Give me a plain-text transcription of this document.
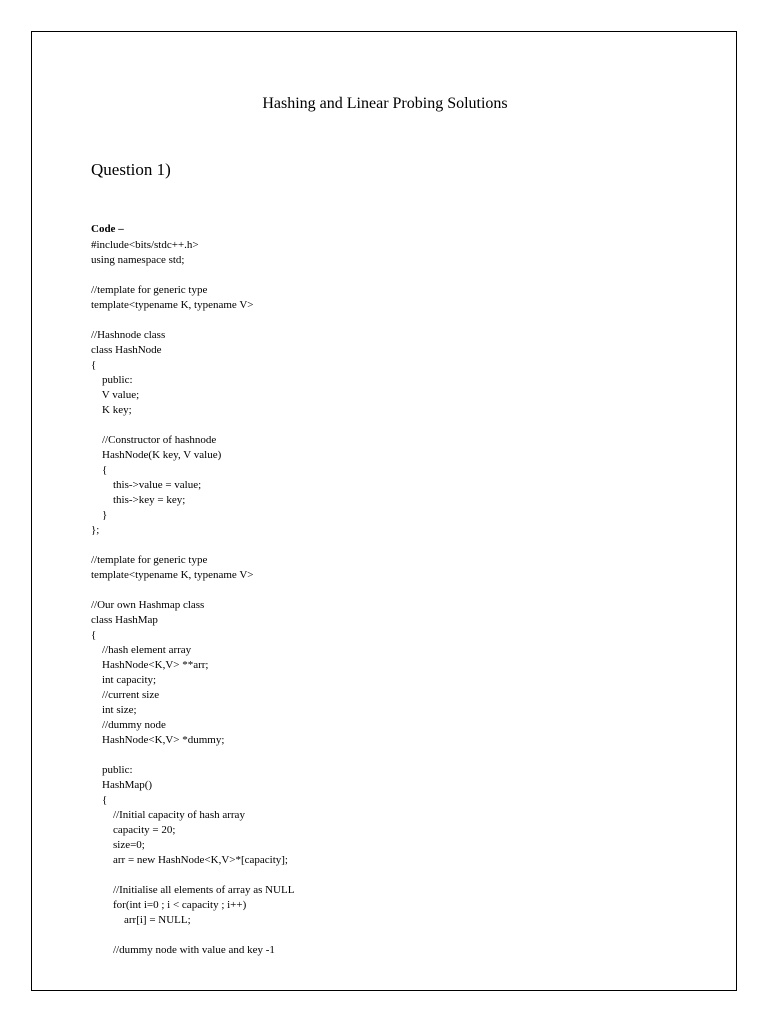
Hashing and Linear Probing Solutions
Question 1)
Code –
#include<bits/stdc++.h>
using namespace std;
//template for generic type
template<typename K, typename V>
//Hashnode class
class HashNode
{
public:
V value;
K key;
//Constructor of hashnode
HashNode(K key, V value)
{
this->value = value;
this->key = key;
}
};
//template for generic type
template<typename K, typename V>
//Our own Hashmap class
class HashMap
{
//hash element array
HashNode<K,V> **arr;
int capacity;
//current size
int size;
//dummy node
HashNode<K,V> *dummy;
public:
HashMap()
{
//Initial capacity of hash array
capacity = 20;
size=0;
arr = new HashNode<K,V>*[capacity];
//Initialise all elements of array as NULL
for(int i=0 ; i < capacity ; i++)
arr[i] = NULL;
//dummy node with value and key -1
